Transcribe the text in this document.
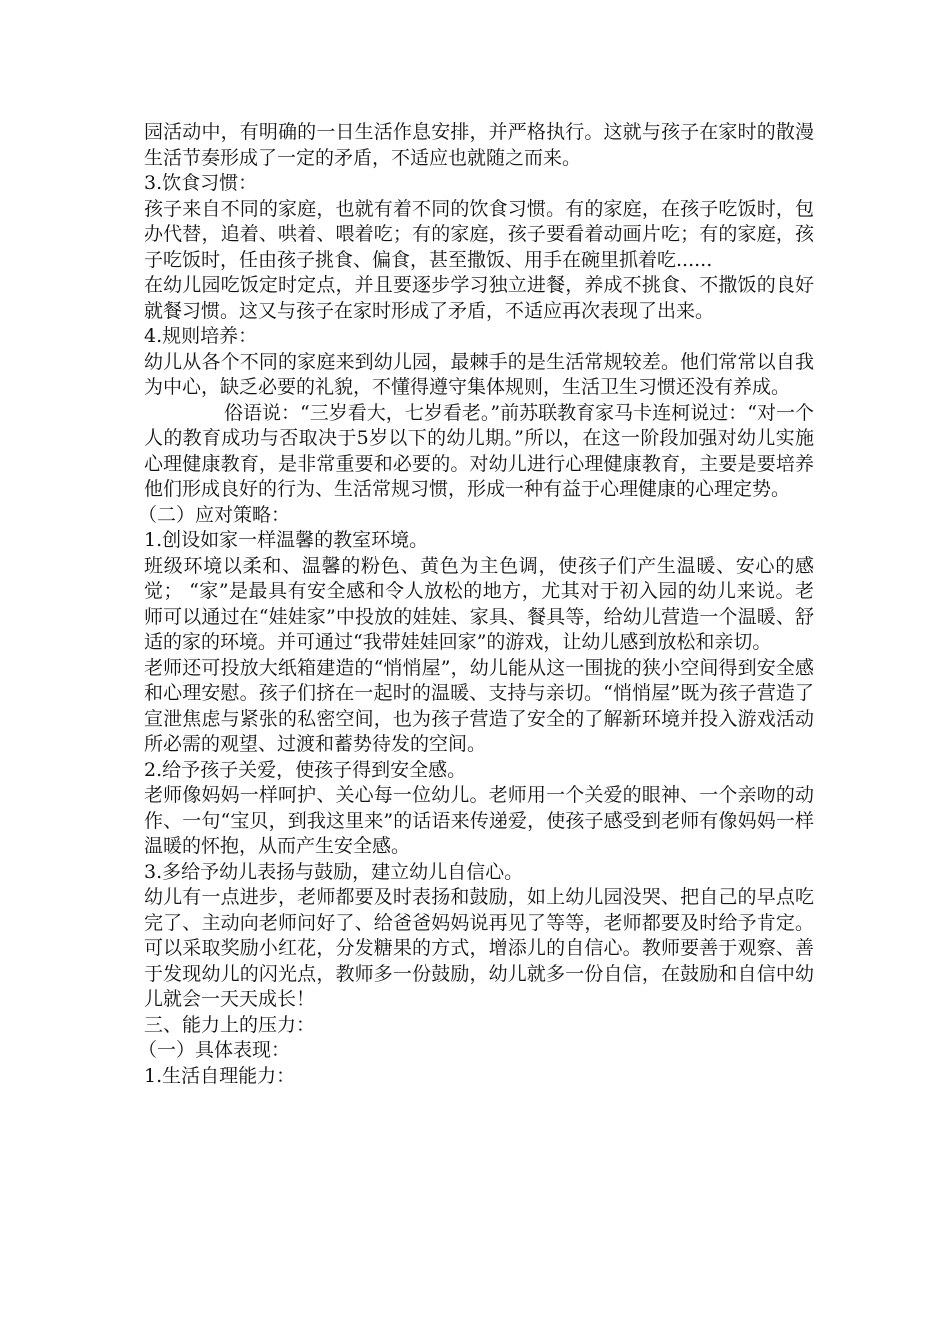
园活动中，有明确的一日生活作息安排，并严格执行。这就与孩子在家时的散漫生活节奏形成了一定的矛盾，不适应也就随之而来。

3.饮食习惯：

孩子来自不同的家庭，也就有着不同的饮食习惯。有的家庭，在孩子吃饭时，包办代替，追着、哄着、喂着吃；有的家庭，孩子要看着动画片吃；有的家庭，孩子吃饭时，任由孩子挑食、偏食，甚至撒饭、用手在碗里抓着吃......

在幼儿园吃饭定时定点，并且要逐步学习独立进餐，养成不挑食、不撒饭的良好就餐习惯。这又与孩子在家时形成了矛盾，不适应再次表现了出来。

4.规则培养：

幼儿从各个不同的家庭来到幼儿园，最棘手的是生活常规较差。他们常常以自我为中心，缺乏必要的礼貌，不懂得遵守集体规则，生活卫生习惯还没有养成。

俗语说：“三岁看大，七岁看老。”前苏联教育家马卡连柯说过：“对一个人的教育成功与否取决于5岁以下的幼儿期。”所以，在这一阶段加强对幼儿实施心理健康教育，是非常重要和必要的。对幼儿进行心理健康教育，主要是要培养他们形成良好的行为、生活常规习惯，形成一种有益于心理健康的心理定势。

（二）应对策略：

1.创设如家一样温馨的教室环境。

班级环境以柔和、温馨的粉色、黄色为主色调，使孩子们产生温暖、安心的感觉； “家”是最具有安全感和令人放松的地方，尤其对于初入园的幼儿来说。老师可以通过在“娃娃家”中投放的娃娃、家具、餐具等，给幼儿营造一个温暖、舒适的家的环境。并可通过“我带娃娃回家”的游戏，让幼儿感到放松和亲切。

老师还可投放大纸箱建造的“悄悄屋”，幼儿能从这一围拢的狭小空间得到安全感和心理安慰。孩子们挤在一起时的温暖、支持与亲切。“悄悄屋”既为孩子营造了宣泄焦虑与紧张的私密空间，也为孩子营造了安全的了解新环境并投入游戏活动所必需的观望、过渡和蓄势待发的空间。

2.给予孩子关爱，使孩子得到安全感。

老师像妈妈一样呵护、关心每一位幼儿。老师用一个关爱的眼神、一个亲吻的动作、一句“宝贝，到我这里来”的话语来传递爱，使孩子感受到老师有像妈妈一样温暖的怀抱，从而产生安全感。

3.多给予幼儿表扬与鼓励，建立幼儿自信心。

幼儿有一点进步，老师都要及时表扬和鼓励，如上幼儿园没哭、把自己的早点吃完了、主动向老师问好了、给爸爸妈妈说再见了等等，老师都要及时给予肯定。可以采取奖励小红花，分发糖果的方式，增添儿的自信心。教师要善于观察、善于发现幼儿的闪光点，教师多一份鼓励，幼儿就多一份自信，在鼓励和自信中幼儿就会一天天成长！

三、能力上的压力：

（一）具体表现：

1.生活自理能力：
